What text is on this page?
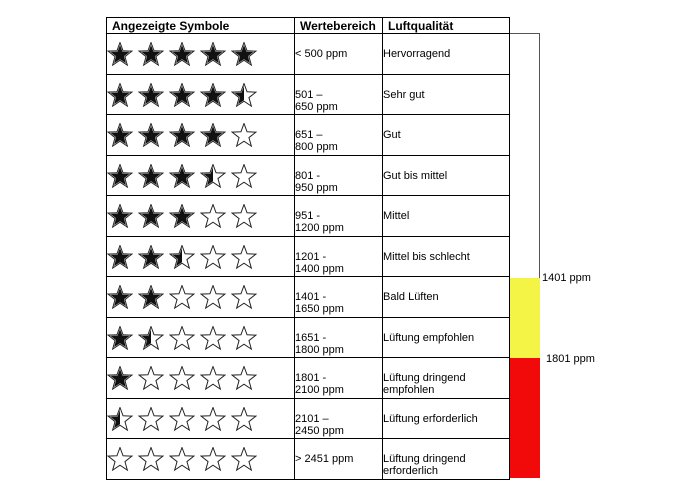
Angezeigte Symbole	Wertebereich	Luftqualität

< 500 ppm	Hervorragend

501 –
650 ppm	Sehr gut

651 –
800 ppm	Gut

801 -
950 ppm	Gut bis mittel

951 -
1200 ppm	Mittel

1201 -
1400 ppm	Mittel bis schlecht

1401 -
1650 ppm	Bald Lüften

1651 -
1800 ppm	Lüftung empfohlen

1801 -
2100 ppm	Lüftung dringend empfohlen

2101 –
2450 ppm	Lüftung erforderlich

> 2451 ppm	Lüftung dringend erforderlich
1401 ppm
1801 ppm
